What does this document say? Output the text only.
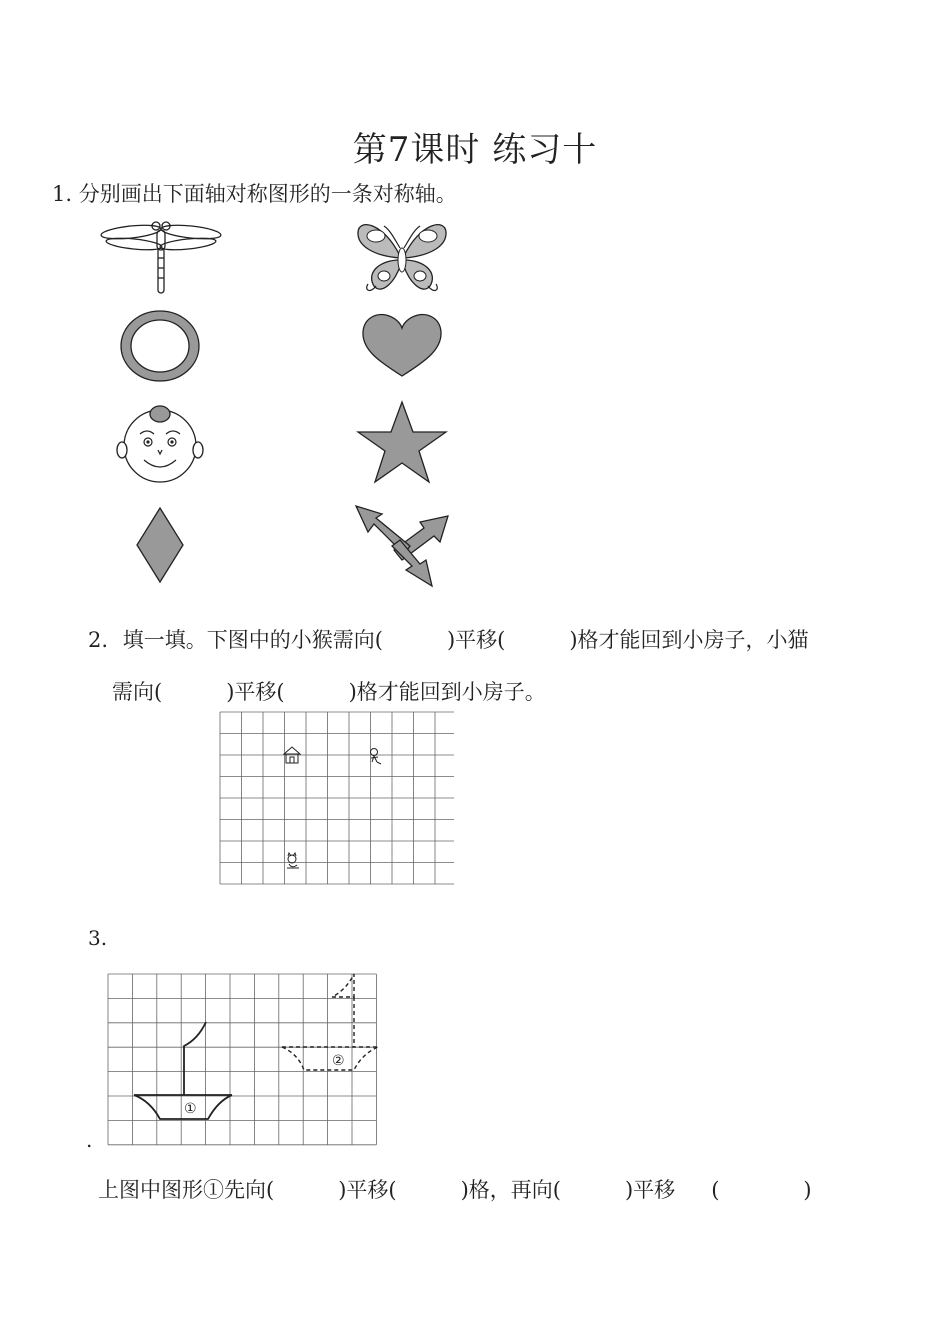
第7课时 练习十
1. 分别画出下面轴对称图形的一条对称轴。
2. 填一填。下图中的小猴需向(	)平移(	)格才能回到小房子，小猫
需向(	)平移(	)格才能回到小房子。
3.
.
①
②
上图中图形①先向(	)平移(	)格，再向(	)平移 (	)
